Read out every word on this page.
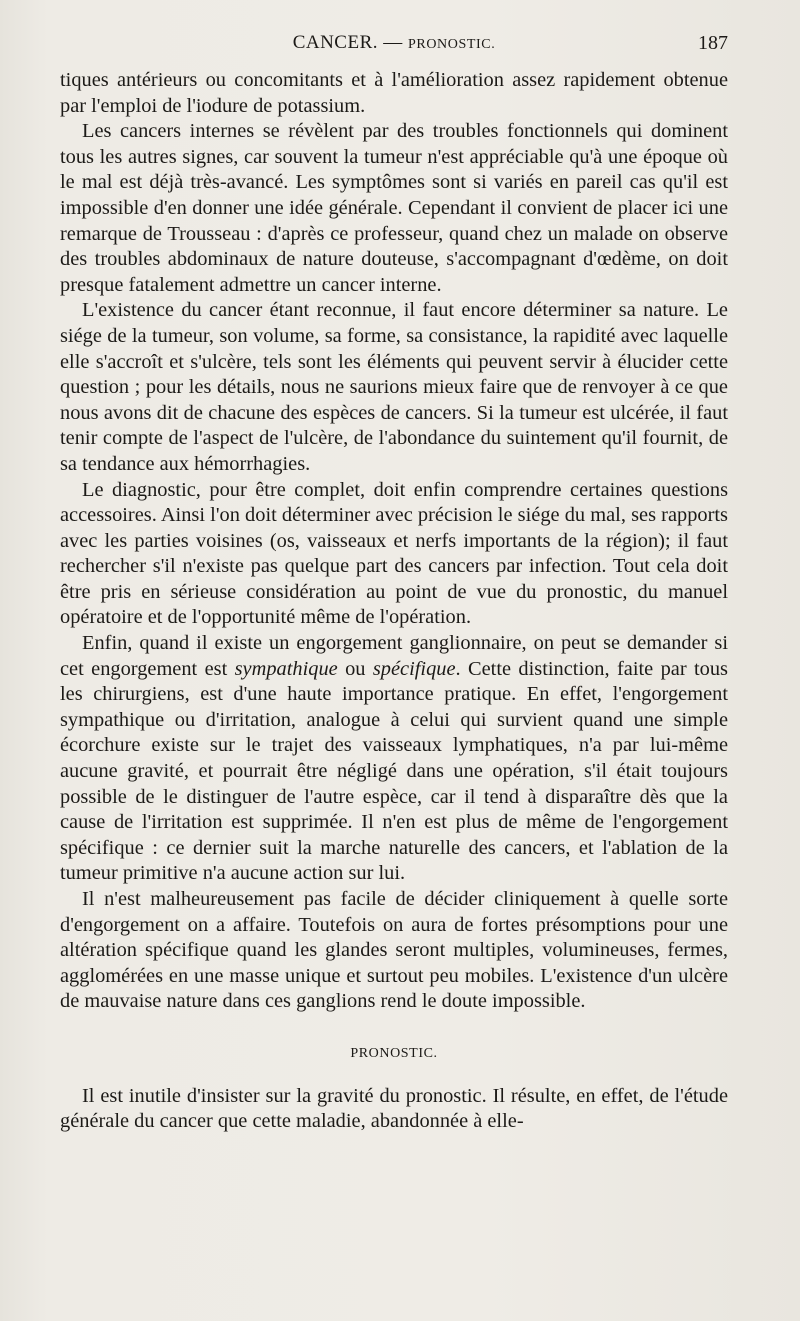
CANCER. — PRONOSTIC.	187

tiques antérieurs ou concomitants et à l'amélioration assez rapidement obtenue par l'emploi de l'iodure de potassium.

Les cancers internes se révèlent par des troubles fonctionnels qui dominent tous les autres signes, car souvent la tumeur n'est appréciable qu'à une époque où le mal est déjà très-avancé. Les symptômes sont si variés en pareil cas qu'il est impossible d'en donner une idée générale. Cependant il convient de placer ici une remarque de Trousseau : d'après ce professeur, quand chez un malade on observe des troubles abdominaux de nature douteuse, s'accompagnant d'œdème, on doit presque fatalement admettre un cancer interne.

L'existence du cancer étant reconnue, il faut encore déterminer sa nature. Le siége de la tumeur, son volume, sa forme, sa consistance, la rapidité avec laquelle elle s'accroît et s'ulcère, tels sont les éléments qui peuvent servir à élucider cette question ; pour les détails, nous ne saurions mieux faire que de renvoyer à ce que nous avons dit de chacune des espèces de cancers. Si la tumeur est ulcérée, il faut tenir compte de l'aspect de l'ulcère, de l'abondance du suintement qu'il fournit, de sa tendance aux hémorrhagies.

Le diagnostic, pour être complet, doit enfin comprendre certaines questions accessoires. Ainsi l'on doit déterminer avec précision le siége du mal, ses rapports avec les parties voisines (os, vaisseaux et nerfs importants de la région); il faut rechercher s'il n'existe pas quelque part des cancers par infection. Tout cela doit être pris en sérieuse considération au point de vue du pronostic, du manuel opératoire et de l'opportunité même de l'opération.

Enfin, quand il existe un engorgement ganglionnaire, on peut se demander si cet engorgement est sympathique ou spécifique. Cette distinction, faite par tous les chirurgiens, est d'une haute importance pratique. En effet, l'engorgement sympathique ou d'irritation, analogue à celui qui survient quand une simple écorchure existe sur le trajet des vaisseaux lymphatiques, n'a par lui-même aucune gravité, et pourrait être négligé dans une opération, s'il était toujours possible de le distinguer de l'autre espèce, car il tend à disparaître dès que la cause de l'irritation est supprimée. Il n'en est plus de même de l'engorgement spécifique : ce dernier suit la marche naturelle des cancers, et l'ablation de la tumeur primitive n'a aucune action sur lui.

Il n'est malheureusement pas facile de décider cliniquement à quelle sorte d'engorgement on a affaire. Toutefois on aura de fortes présomptions pour une altération spécifique quand les glandes seront multiples, volumineuses, fermes, agglomérées en une masse unique et surtout peu mobiles. L'existence d'un ulcère de mauvaise nature dans ces ganglions rend le doute impossible.

PRONOSTIC.

Il est inutile d'insister sur la gravité du pronostic. Il résulte, en effet, de l'étude générale du cancer que cette maladie, abandonnée à elle-
